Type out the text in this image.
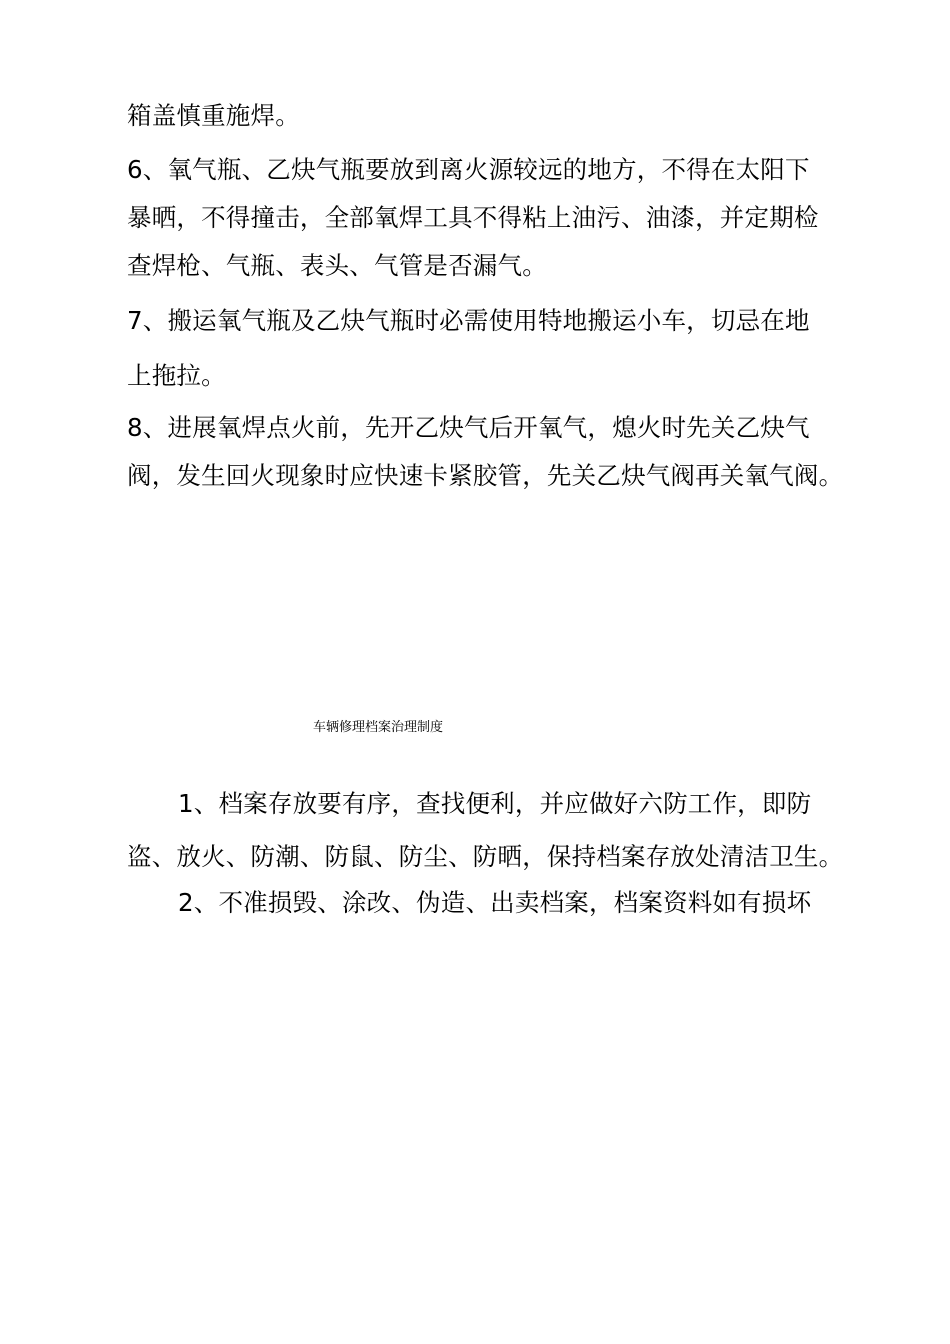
箱盖慎重施焊。
6、氧气瓶、乙炔气瓶要放到离火源较远的地方，不得在太阳下
暴晒，不得撞击，全部氧焊工具不得粘上油污、油漆，并定期检
查焊枪、气瓶、表头、气管是否漏气。
7、搬运氧气瓶及乙炔气瓶时必需使用特地搬运小车，切忌在地
上拖拉。
8、进展氧焊点火前，先开乙炔气后开氧气，熄火时先关乙炔气
阀，发生回火现象时应快速卡紧胶管，先关乙炔气阀再关氧气阀。
车辆修理档案治理制度
1、档案存放要有序，查找便利，并应做好六防工作，即防
盗、放火、防潮、防鼠、防尘、防晒，保持档案存放处清洁卫生。
2、不准损毁、涂改、伪造、出卖档案，档案资料如有损坏
